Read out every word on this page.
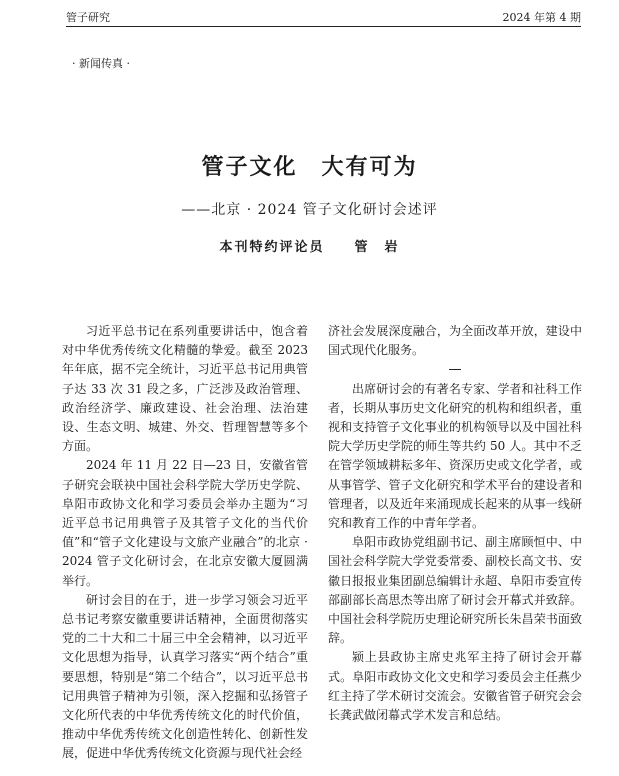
管子研究	2024 年第 4 期
· 新闻传真 ·
管子文化　大有可为
——北京 · 2024 管子文化研讨会述评
本刊特约评论员　　管　岩

习近平总书记在系列重要讲话中，饱含着对中华优秀传统文化精髓的挚爱。截至 2023 年年底，据不完全统计，习近平总书记用典管子达 33 次 31 段之多，广泛涉及政治管理、政治经济学、廉政建设、社会治理、法治建设、生态文明、城建、外交、哲理智慧等多个方面。

2024 年 11 月 22 日—23 日，安徽省管子研究会联袂中国社会科学院大学历史学院、阜阳市政协文化和学习委员会举办主题为“习近平总书记用典管子及其管子文化的当代价值”和“管子文化建设与文旅产业融合”的北京 · 2024 管子文化研讨会，在北京安徽大厦圆满举行。

研讨会目的在于，进一步学习领会习近平总书记考察安徽重要讲话精神，全面贯彻落实党的二十大和二十届三中全会精神，以习近平文化思想为指导，认真学习落实“两个结合”重要思想，特别是“第二个结合”，以习近平总书记用典管子精神为引领，深入挖掘和弘扬管子文化所代表的中华优秀传统文化的时代价值，推动中华优秀传统文化创造性转化、创新性发展，促进中华优秀传统文化资源与现代社会经

济社会发展深度融合，为全面改革开放，建设中国式现代化服务。

出席研讨会的有著名专家、学者和社科工作者，长期从事历史文化研究的机构和组织者，重视和支持管子文化事业的机构领导以及中国社科院大学历史学院的师生等共约 50 人。其中不乏在管学领域耕耘多年、资深历史或文化学者，或从事管学、管子文化研究和学术平台的建设者和管理者，以及近年来涌现成长起来的从事一线研究和教育工作的中青年学者。

阜阳市政协党组副书记、副主席顾恒中、中国社会科学院大学党委常委、副校长高文书、安徽日报报业集团副总编辑计永超、阜阳市委宣传部副部长高思杰等出席了研讨会开幕式并致辞。中国社会科学院历史理论研究所长朱昌荣书面致辞。

颍上县政协主席史兆军主持了研讨会开幕式。阜阳市政协文化文史和学习委员会主任燕少红主持了学术研讨交流会。安徽省管子研究会会长龚武做闭幕式学术发言和总结。
